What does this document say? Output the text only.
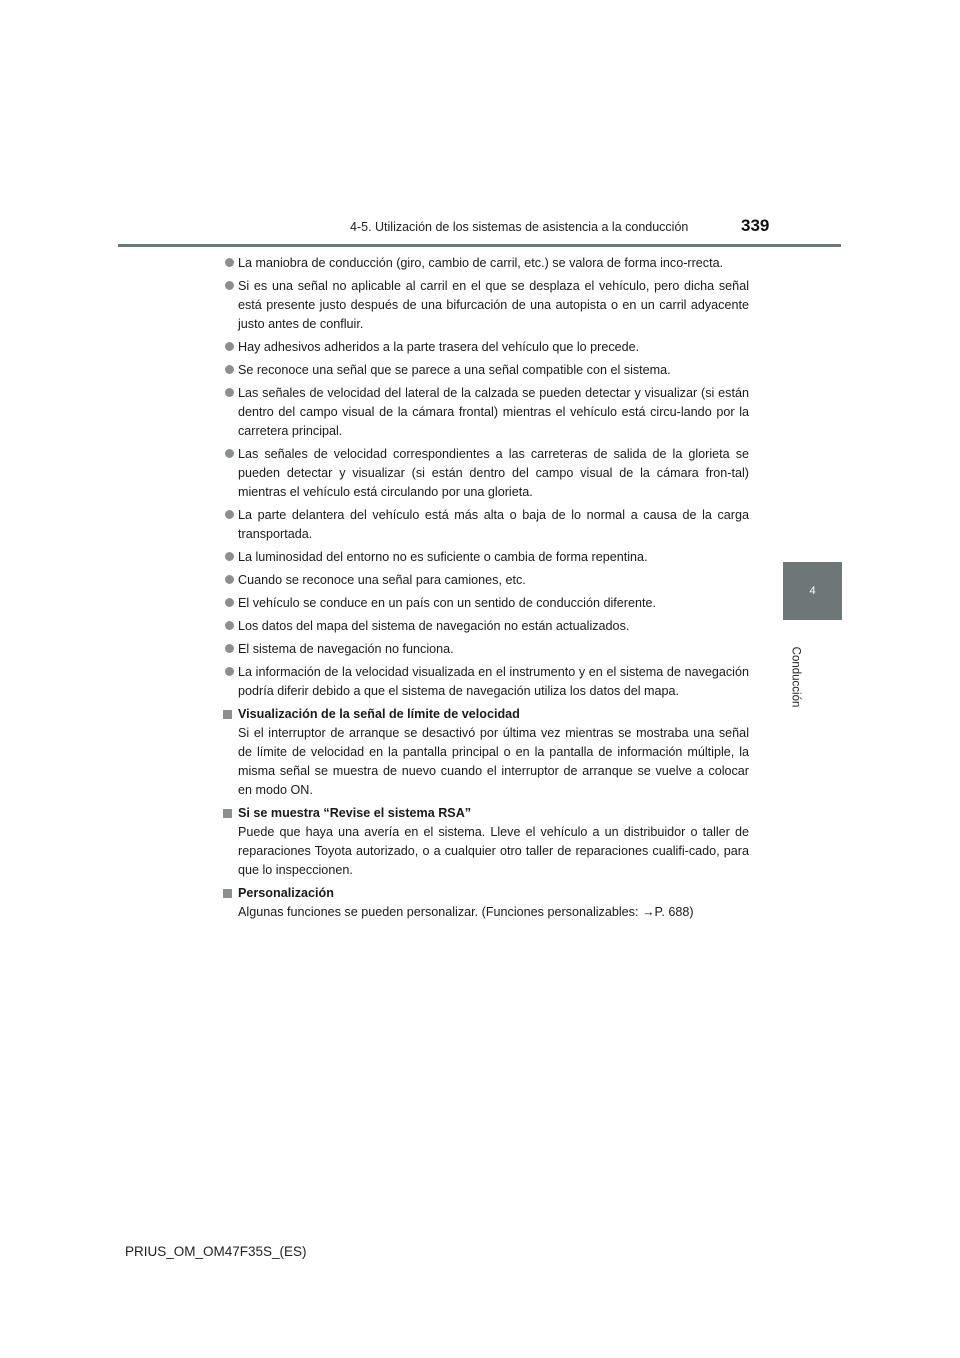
4-5. Utilización de los sistemas de asistencia a la conducción	339
4
Conducción
La maniobra de conducción (giro, cambio de carril, etc.) se valora de forma inco-rrecta.
Si es una señal no aplicable al carril en el que se desplaza el vehículo, pero dicha señal está presente justo después de una bifurcación de una autopista o en un carril adyacente justo antes de confluir.
Hay adhesivos adheridos a la parte trasera del vehículo que lo precede.
Se reconoce una señal que se parece a una señal compatible con el sistema.
Las señales de velocidad del lateral de la calzada se pueden detectar y visualizar (si están dentro del campo visual de la cámara frontal) mientras el vehículo está circu-lando por la carretera principal.
Las señales de velocidad correspondientes a las carreteras de salida de la glorieta se pueden detectar y visualizar (si están dentro del campo visual de la cámara fron-tal) mientras el vehículo está circulando por una glorieta.
La parte delantera del vehículo está más alta o baja de lo normal a causa de la carga transportada.
La luminosidad del entorno no es suficiente o cambia de forma repentina.
Cuando se reconoce una señal para camiones, etc.
El vehículo se conduce en un país con un sentido de conducción diferente.
Los datos del mapa del sistema de navegación no están actualizados.
El sistema de navegación no funciona.
La información de la velocidad visualizada en el instrumento y en el sistema de navegación podría diferir debido a que el sistema de navegación utiliza los datos del mapa.
Visualización de la señal de límite de velocidad
Si el interruptor de arranque se desactivó por última vez mientras se mostraba una señal de límite de velocidad en la pantalla principal o en la pantalla de información múltiple, la misma señal se muestra de nuevo cuando el interruptor de arranque se vuelve a colocar en modo ON.
Si se muestra “Revise el sistema RSA”
Puede que haya una avería en el sistema. Lleve el vehículo a un distribuidor o taller de reparaciones Toyota autorizado, o a cualquier otro taller de reparaciones cualifi-cado, para que lo inspeccionen.
Personalización
Algunas funciones se pueden personalizar. (Funciones personalizables: →P. 688)
PRIUS_OM_OM47F35S_(ES)
